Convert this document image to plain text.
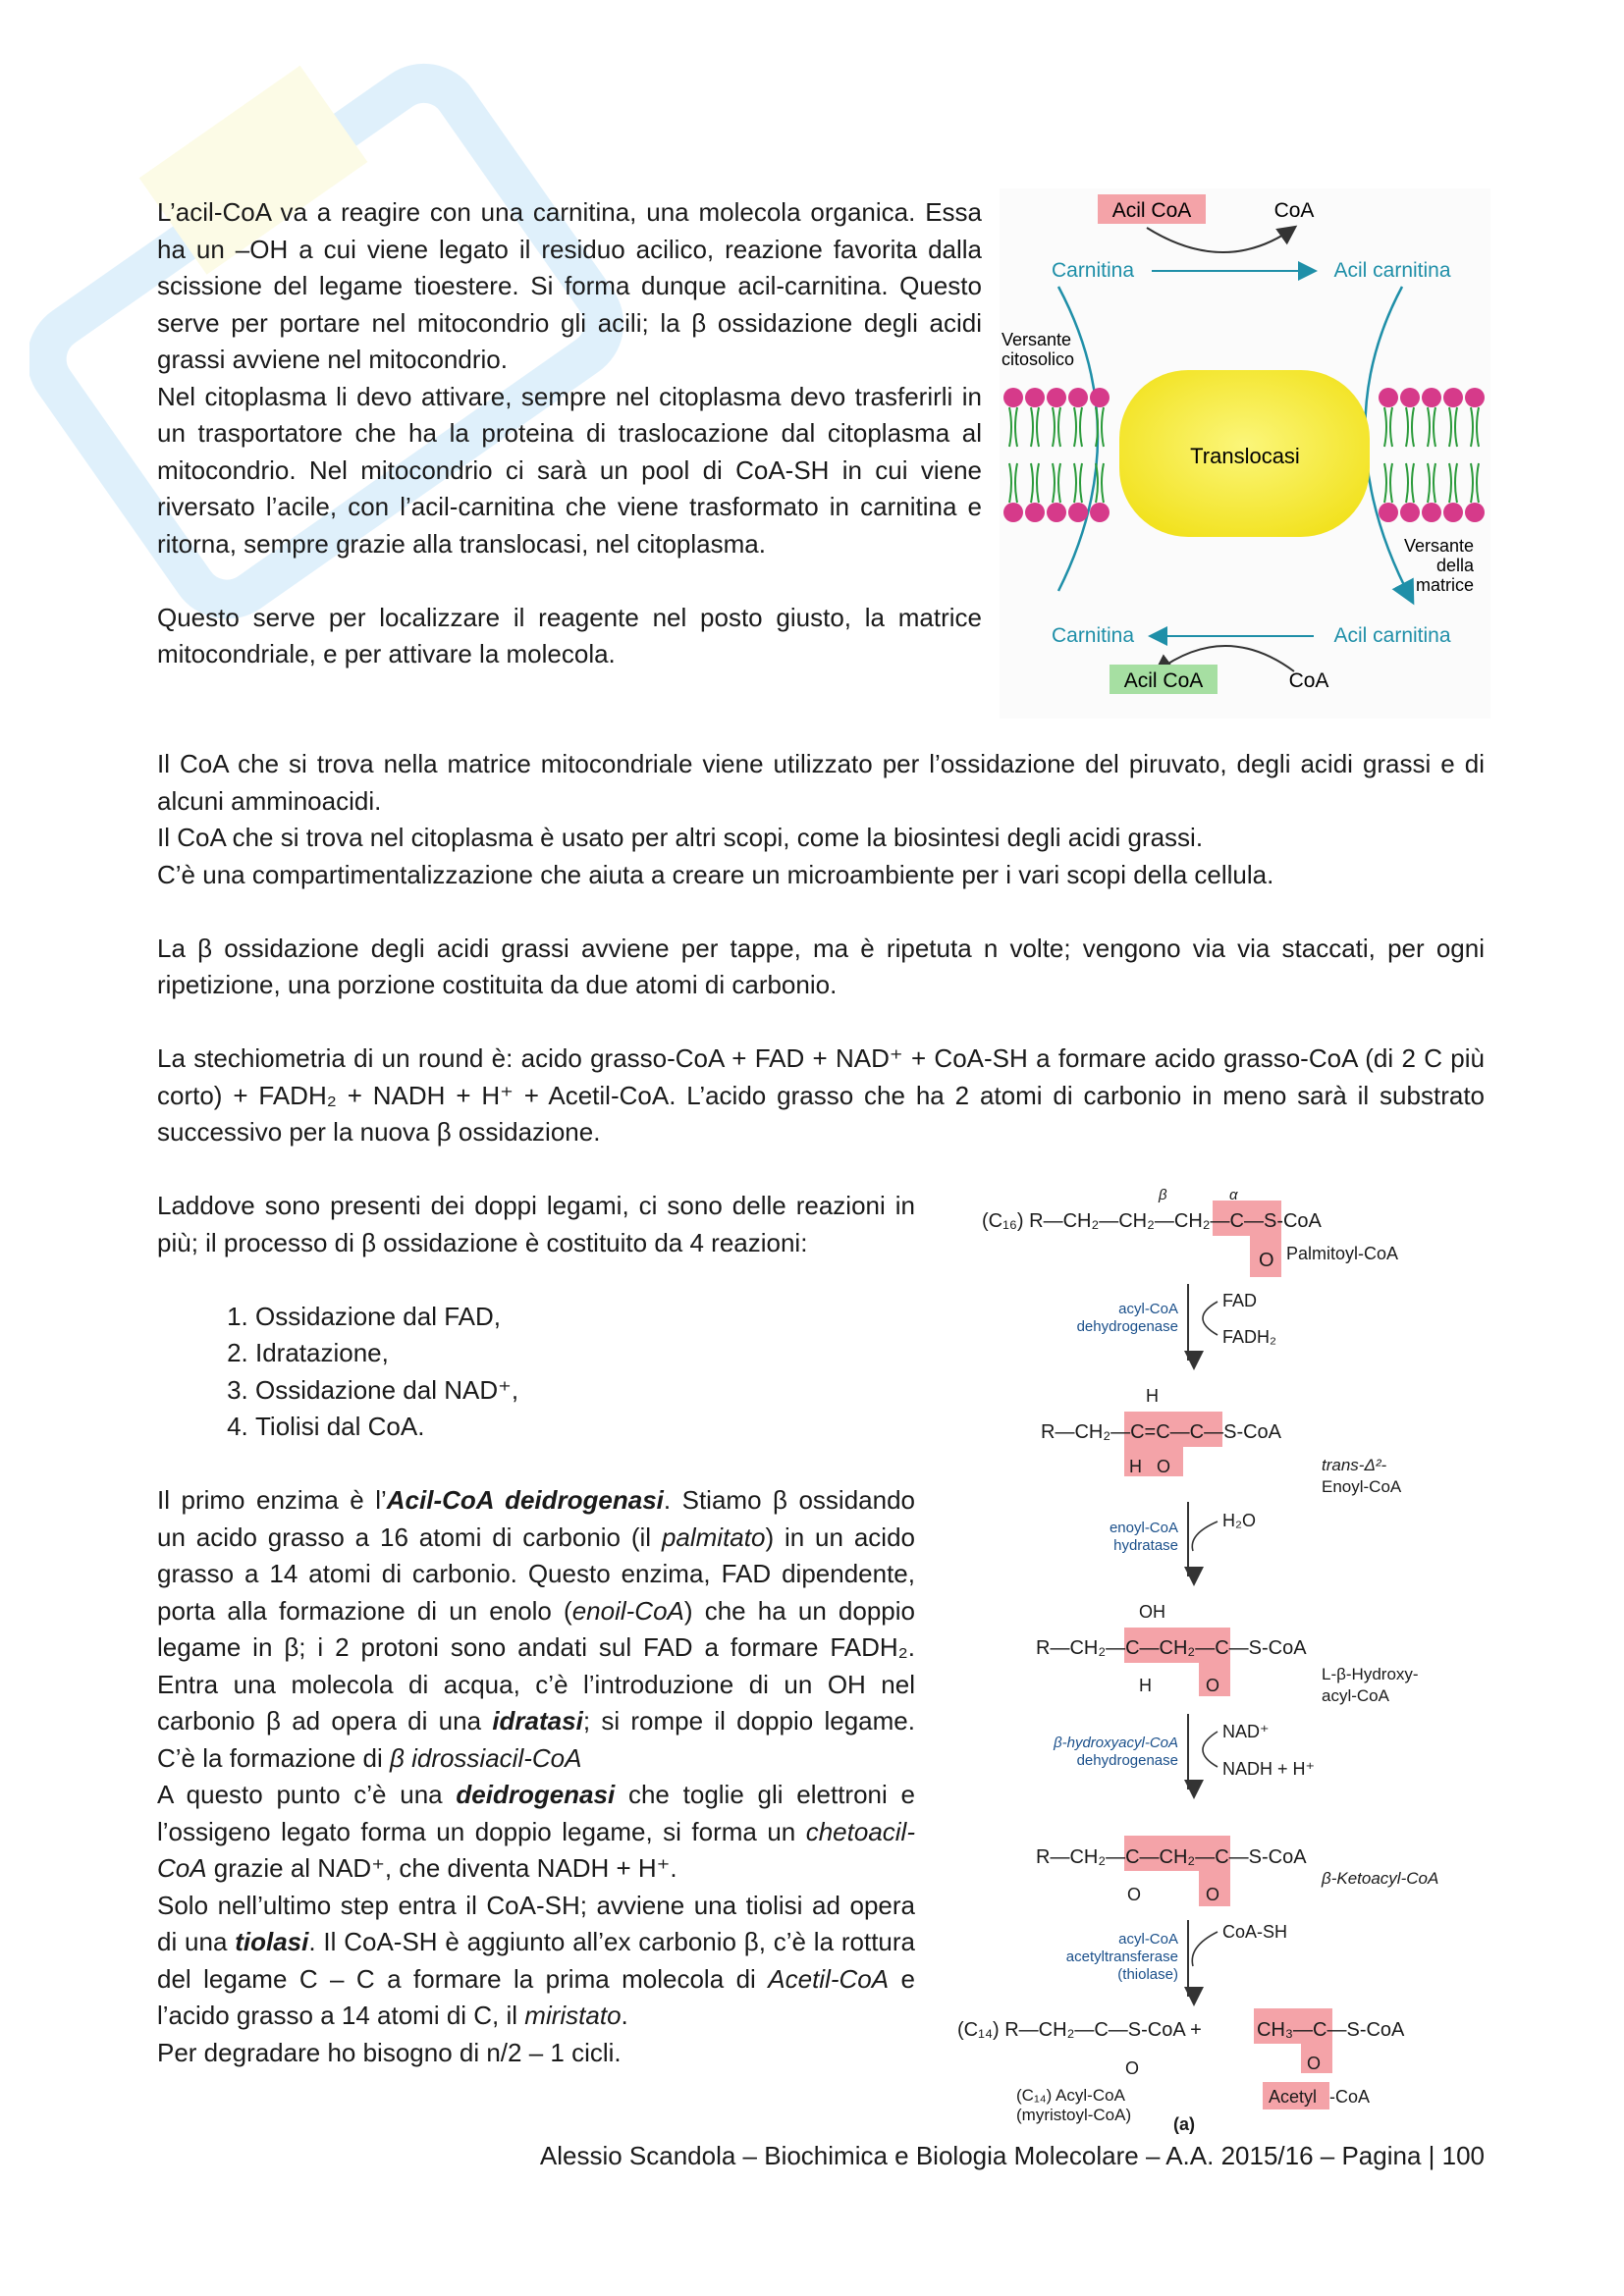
L’acil-CoA va a reagire con una carnitina, una molecola organica. Essa ha un –OH a cui viene legato il residuo acilico, reazione favorita dalla scissione del legame tioestere. Si forma dunque acil-carnitina. Questo serve per portare nel mitocondrio gli acili; la β ossidazione degli acidi grassi avviene nel mitocondrio.

Nel citoplasma li devo attivare, sempre nel citoplasma devo trasferirli in un trasportatore che ha la proteina di traslocazione dal citoplasma al mitocondrio. Nel mitocondrio ci sarà un pool di CoA-SH in cui viene riversato l’acile, con l’acil-carnitina che viene trasformato in carnitina e ritorna, sempre grazie alla translocasi, nel citoplasma.

Questo serve per localizzare il reagente nel posto giusto, la matrice mitocondriale, e per attivare la molecola.

Acil CoA	CoA
Carnitina	Acil carnitina
Versante
citosolico
Translocasi
Versante
della
matrice
Carnitina	Acil carnitina
Acil CoA	CoA

Il CoA che si trova nella matrice mitocondriale viene utilizzato per l’ossidazione del piruvato, degli acidi grassi e di alcuni amminoacidi.

Il CoA che si trova nel citoplasma è usato per altri scopi, come la biosintesi degli acidi grassi.

C’è una compartimentalizzazione che aiuta a creare un microambiente per i vari scopi della cellula.

La β ossidazione degli acidi grassi avviene per tappe, ma è ripetuta n volte; vengono via via staccati, per ogni ripetizione, una porzione costituita da due atomi di carbonio.

La stechiometria di un round è: acido grasso-CoA + FAD + NAD⁺ + CoA-SH a formare acido grasso-CoA (di 2 C più corto) + FADH₂ + NADH + H⁺ + Acetil-CoA. L’acido grasso che ha 2 atomi di carbonio in meno sarà il substrato successivo per la nuova β ossidazione.

Laddove sono presenti dei doppi legami, ci sono delle reazioni in più; il processo di β ossidazione è costituito da 4 reazioni:

1. Ossidazione dal FAD,
2. Idratazione,
3. Ossidazione dal NAD⁺,
4. Tiolisi dal CoA.

Il primo enzima è l’Acil-CoA deidrogenasi. Stiamo β ossidando un acido grasso a 16 atomi di carbonio (il palmitato) in un acido grasso a 14 atomi di carbonio. Questo enzima, FAD dipendente, porta alla formazione di un enolo (enoil-CoA) che ha un doppio legame in β; i 2 protoni sono andati sul FAD a formare FADH₂. Entra una molecola di acqua, c’è l’introduzione di un OH nel carbonio β ad opera di una idratasi; si rompe il doppio legame. C’è la formazione di β idrossiacil-CoA

A questo punto c’è una deidrogenasi che toglie gli elettroni e l’ossigeno legato forma un doppio legame, si forma un chetoacil-CoA grazie al NAD⁺, che diventa NADH + H⁺.

Solo nell’ultimo step entra il CoA-SH; avviene una tiolisi ad opera di una tiolasi. Il CoA-SH è aggiunto all’ex carbonio β, c’è la rottura del legame C – C a formare la prima molecola di Acetil-CoA e l’acido grasso a 14 atomi di C, il miristato.

Per degradare ho bisogno di n/2 – 1 cicli.

β	α
(C₁₆) R—CH₂—CH₂—CH₂—C—S-CoA
O Palmitoyl-CoA
acyl-CoA
dehydrogenase
FAD
FADH₂
H
R—CH₂—C=C—C—S-CoA
H O	trans-Δ²-
Enoyl-CoA
enoyl-CoA
hydratase
H₂O
OH
R—CH₂—C—CH₂—C—S-CoA
H	O
L-β-Hydroxy-
acyl-CoA
β-hydroxyacyl-CoA
dehydrogenase
NAD⁺
NADH + H⁺
R—CH₂—C—CH₂—C—S-CoA
O	O
β-Ketoacyl-CoA
acyl-CoA
acetyltransferase
(thiolase)
CoA-SH
(C₁₄) R—CH₂—C—S-CoA +	CH₃—C—S-CoA
O	O
(C₁₄) Acyl-CoA
(myristoyl-CoA)
Acetyl -CoA
(a)
Alessio Scandola – Biochimica e Biologia Molecolare – A.A. 2015/16 – Pagina | 100
